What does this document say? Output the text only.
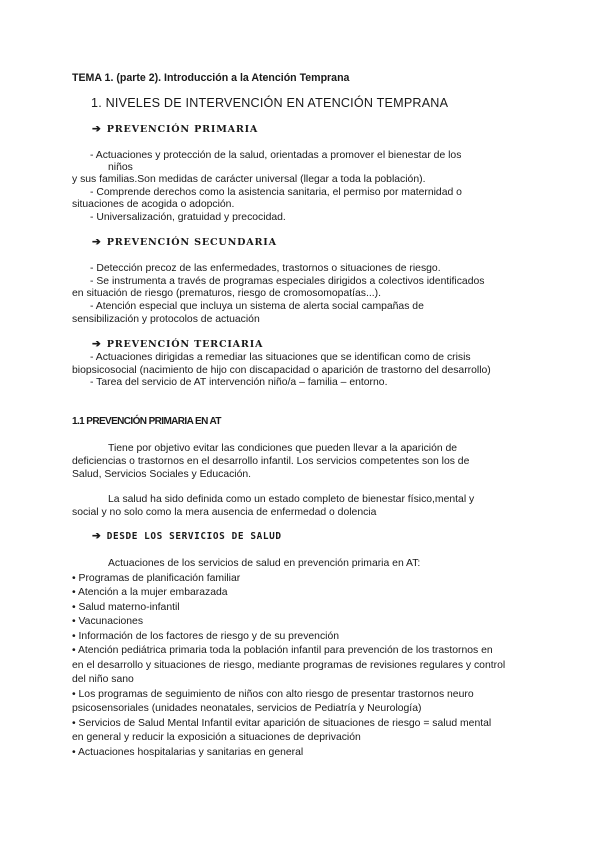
TEMA 1. (parte 2). Introducción a la Atención Temprana
1. NIVELES DE INTERVENCIÓN EN ATENCIÓN TEMPRANA
➔ PREVENCIÓN PRIMARIA
- Actuaciones y protección de la salud, orientadas a promover el bienestar de los
niños
y sus familias.Son medidas de carácter universal (llegar a toda la población).
- Comprende derechos como la asistencia sanitaria, el permiso por maternidad o
situaciones de acogida o adopción.
- Universalización, gratuidad y precocidad.
➔ PREVENCIÓN SECUNDARIA
- Detección precoz de las enfermedades, trastornos o situaciones de riesgo.
- Se instrumenta a través de programas especiales dirigidos a colectivos identificados
en situación de riesgo (prematuros, riesgo de cromosomopatías...).
- Atención especial que incluya un sistema de alerta social campañas de
sensibilización y protocolos de actuación
➔ PREVENCIÓN TERCIARIA
- Actuaciones dirigidas a remediar las situaciones que se identifican como de crisis
biopsicosocial (nacimiento de hijo con discapacidad o aparición de trastorno del desarrollo)
- Tarea del servicio de AT intervención niño/a – familia – entorno.
1.1 PREVENCIÓN PRIMARIA EN AT
Tiene por objetivo evitar las condiciones que pueden llevar a la aparición de
deficiencias o trastornos en el desarrollo infantil. Los servicios competentes son los de
Salud, Servicios Sociales y Educación.
La salud ha sido definida como un estado completo de bienestar físico,mental y
social y no solo como la mera ausencia de enfermedad o dolencia
➔ DESDE LOS SERVICIOS DE SALUD
Actuaciones de los servicios de salud en prevención primaria en AT:
• Programas de planificación familiar
• Atención a la mujer embarazada
• Salud materno-infantil
• Vacunaciones
• Información de los factores de riesgo y de su prevención
• Atención pediátrica primaria toda la población infantil para prevención de los trastornos en
en el desarrollo y situaciones de riesgo, mediante programas de revisiones regulares y control
del niño sano
• Los programas de seguimiento de niños con alto riesgo de presentar trastornos neuro
psicosensoriales (unidades neonatales, servicios de Pediatría y Neurología)
• Servicios de Salud Mental Infantil evitar aparición de situaciones de riesgo = salud mental
en general y reducir la exposición a situaciones de deprivación
• Actuaciones hospitalarias y sanitarias en general
